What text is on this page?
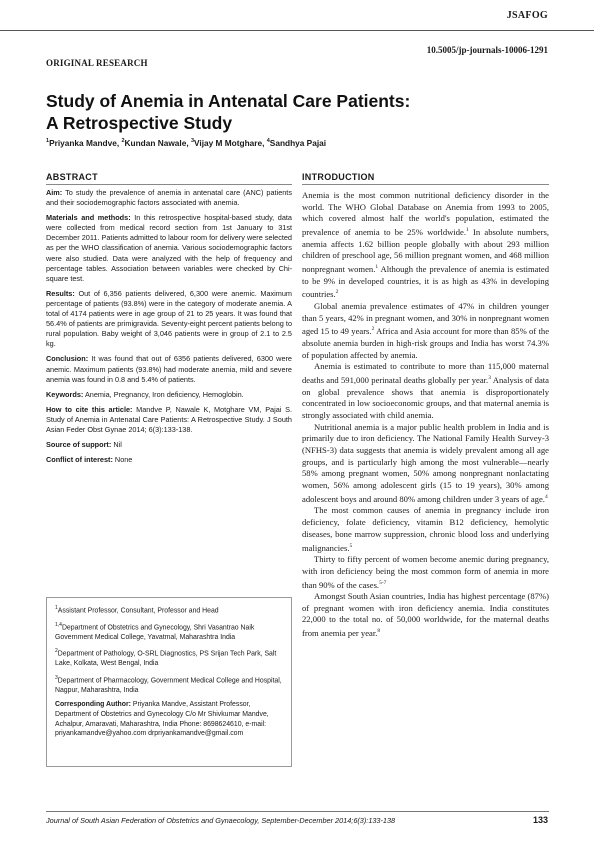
JSAFOG
10.5005/jp-journals-10006-1291
ORIGINAL RESEARCH
Study of Anemia in Antenatal Care Patients:
A Retrospective Study
$^1$Priyanka Mandve, $^2$Kundan Nawale, $^3$Vijay M Motghare, $^4$Sandhya Pajai
ABSTRACT	INTRODUCTION

Aim: To study the prevalence of anemia in antenatal care (ANC) patients and their sociodemographic factors associated with anemia.

Materials and methods: In this retrospective hospital-based study, data were collected from medical record section from 1st January to 31st December 2011. Patients admitted to labour room for delivery were selected as per the WHO classification of anemia. Various sociodemographic factors were also studied. Data were analyzed with the help of frequency and percentage tables. Association between variables were checked by Chi-square test.

Results: Out of 6,356 patients delivered, 6,300 were anemic. Maximum percentage of patients (93.8%) were in the category of moderate anemia. A total of 4174 patients were in age group of 21 to 25 years. It was found that 56.4% of patients are primigravida. Seventy-eight percent patients belong to rural population. Baby weight of 3,046 patients were in group of 2.1 to 2.5 kg.

Conclusion: It was found that out of 6356 patients delivered, 6300 were anemic. Maximum patients (93.8%) had moderate anemia, mild and severe anemia was found in 0.8 and 5.4% of patients.

Keywords: Anemia, Pregnancy, Iron deficiency, Hemoglobin.

How to cite this article: Mandve P, Nawale K, Motghare VM, Pajai S. Study of Anemia in Antenatal Care Patients: A Retrospective Study. J South Asian Feder Obst Gynae 2014; 6(3):133-138.

Source of support: Nil

Conflict of interest: None

$^1$Assistant Professor, Consultant, Professor and Head

$^{1,4}$Department of Obstetrics and Gynecology, Shri Vasantrao Naik Government Medical College, Yavatmal, Maharashtra India

$^2$Department of Pathology, O-SRL Diagnostics, PS Srijan Tech Park, Salt Lake, Kolkata, West Bengal, India

$^3$Department of Pharmacology, Government Medical College and Hospital, Nagpur, Maharashtra, India

Corresponding Author: Priyanka Mandve, Assistant Professor, Department of Obstetrics and Gynecology C/o Mr Shivkumar Mandve, Achalpur, Amaravati, Maharashtra, India Phone: 8698624610, e-mail: priyankamandve@yahoo.com drpriyankamandve@gmail.com

Anemia is the most common nutritional deficiency disorder in the world. The WHO Global Database on Anemia from 1993 to 2005, which covered almost half the world's population, estimated the prevalence of anemia to be 25% worldwide.$^1$ In absolute numbers, anemia affects 1.62 billion people globally with about 293 million children of preschool age, 56 million pregnant women, and 468 million nonpregnant women.$^1$ Although the prevalence of anemia is estimated to be 9% in developed countries, it is as high as 43% in developing countries.$^2$

Global anemia prevalence estimates of 47% in children younger than 5 years, 42% in pregnant women, and 30% in nonpregnant women aged 15 to 49 years.$^2$ Africa and Asia account for more than 85% of the absolute anemia burden in high-risk groups and India has worst 74.3% of population affected by anemia.

Anemia is estimated to contribute to more than 115,000 maternal deaths and 591,000 perinatal deaths globally per year.$^3$ Analysis of data on global prevalence shows that anemia is disproportionately concentrated in low socioeconomic groups, and that maternal anemia is strongly associated with child anemia.

Nutritional anemia is a major public health problem in India and is primarily due to iron deficiency. The National Family Health Survey-3 (NFHS-3) data suggests that anemia is widely prevalent among all age groups, and is particularly high among the most vulnerable—nearly 58% among pregnant women, 50% among nonpregnant nonlactating women, 56% among adolescent girls (15 to 19 years), 30% among adolescent boys and around 80% among children under 3 years of age.$^4$

The most common causes of anemia in pregnancy include iron deficiency, folate deficiency, vitamin B12 deficiency, hemolytic diseases, bone marrow suppression, chronic blood loss and underlying malignancies.$^5$

Thirty to fifty percent of women become anemic during pregnancy, with iron deficiency being the most common form of anemia in more than 90% of the cases.$^{5-7}$

Amongst South Asian countries, India has highest percentage (87%) of pregnant women with iron deficiency anemia. India constitutes 22,000 to the total no. of 50,000 worldwide, for the maternal deaths from anemia per year.$^8$

Journal of South Asian Federation of Obstetrics and Gynaecology, September-December 2014;6(3):133-138	133
